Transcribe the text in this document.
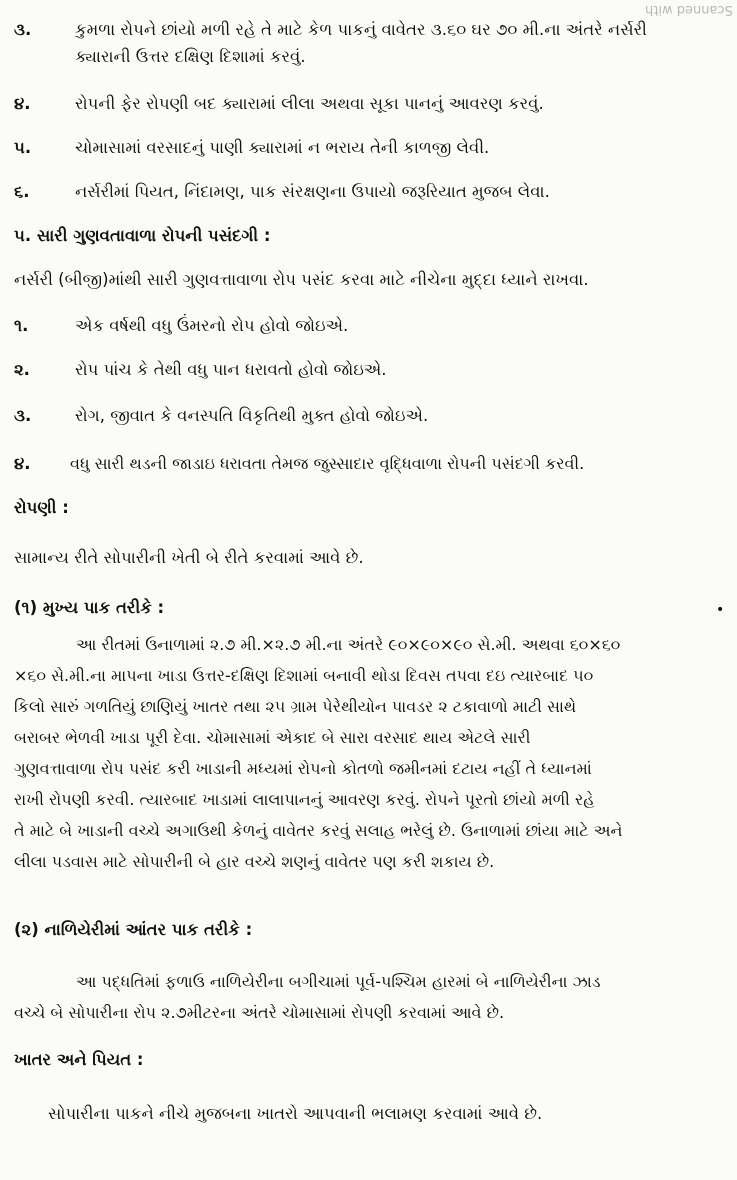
Scanned with
૩.	કુમળા રોપને છાંયો મળી રહે તે માટે કેળ પાકનું વાવેતર ૩.૬૦ ઘર ૭૦ મી.ના અંતરે નર્સરી
ક્યારાની ઉત્તર દક્ષિણ દિશામાં કરવું.
૪.	રોપની ફેર રોપણી બદ ક્યારામાં લીલા અથવા સૂકા પાનનું આવરણ કરવું.
૫.	ચોમાસામાં વરસાદનું પાણી ક્યારામાં ન ભરાય તેની કાળજી લેવી.
૬.	નર્સરીમાં પિયત, નિંદામણ, પાક સંરક્ષણના ઉપાયો જરૂરિયાત મુજબ લેવા.
૫. સારી ગુણવતાવાળા રોપની પસંદગી :
નર્સરી (બીજી)માંથી સારી ગુણવત્તાવાળા રોપ પસંદ કરવા માટે નીચેના મુદ્દા ધ્યાને રાખવા.
૧.	એક વર્ષથી વધુ ઉંમરનો રોપ હોવો જોઇએ.
૨.	રોપ પાંચ કે તેથી વધુ પાન ધરાવતો હોવો જોઇએ.
૩.	રોગ, જીવાત કે વનસ્પતિ વિકૃતિથી મુક્ત હોવો જોઇએ.
૪.	વધુ સારી થડની જાડાઇ ધરાવતા તેમજ જુસ્સાદાર વૃદ્ધિવાળા રોપની પસંદગી કરવી.
રોપણી :
સામાન્ય રીતે સોપારીની ખેતી બે રીતે કરવામાં આવે છે.
(૧) મુખ્ય પાક તરીકે :	•

આ રીતમાં ઉનાળામાં ૨.૭ મી.×૨.૭ મી.ના અંતરે ૯૦×૯૦×૯૦ સે.મી. અથવા ૬૦×૬૦

×૬૦ સે.મી.ના માપના ખાડા ઉત્તર-દક્ષિણ દિશામાં બનાવી થોડા દિવસ તપવા દઇ ત્યારબાદ ૫૦

કિલો સારું ગળતિયું છાણિયું ખાતર તથા ૨૫ ગ્રામ પેરેથીયોન પાવડર ૨ ટકાવાળો માટી સાથે

બરાબર ભેળવી ખાડા પૂરી દેવા. ચોમાસામાં એકાદ બે સારા વરસાદ થાય એટલે સારી

ગુણવત્તાવાળા રોપ પસંદ કરી ખાડાની મધ્યમાં રોપનો કોતળો જમીનમાં દટાય નહીં તે ધ્યાનમાં

રાખી રોપણી કરવી. ત્યારબાદ ખાડામાં લાલાપાનનું આવરણ કરવું. રોપને પૂરતો છાંયો મળી રહે

તે માટે બે ખાડાની વચ્ચે અગાઉથી કેળનું વાવેતર કરવું સલાહ ભરેલું છે. ઉનાળામાં છાંયા માટે અને

લીલા પડવાસ માટે સોપારીની બે હાર વચ્ચે શણનું વાવેતર પણ કરી શકાય છે.

(૨) નાળિયેરીમાં આંતર પાક તરીકે :

આ પદ્ધતિમાં ફળાઉ નાળિયેરીના બગીચામાં પૂર્વ-પશ્ચિમ હારમાં બે નાળિયેરીના ઝાડ

વચ્ચે બે સોપારીના રોપ ૨.૭મીટરના અંતરે ચોમાસામાં રોપણી કરવામાં આવે છે.

ખાતર અને પિયત :
સોપારીના પાકને નીચે મુજબના ખાતરો આપવાની ભલામણ કરવામાં આવે છે.
